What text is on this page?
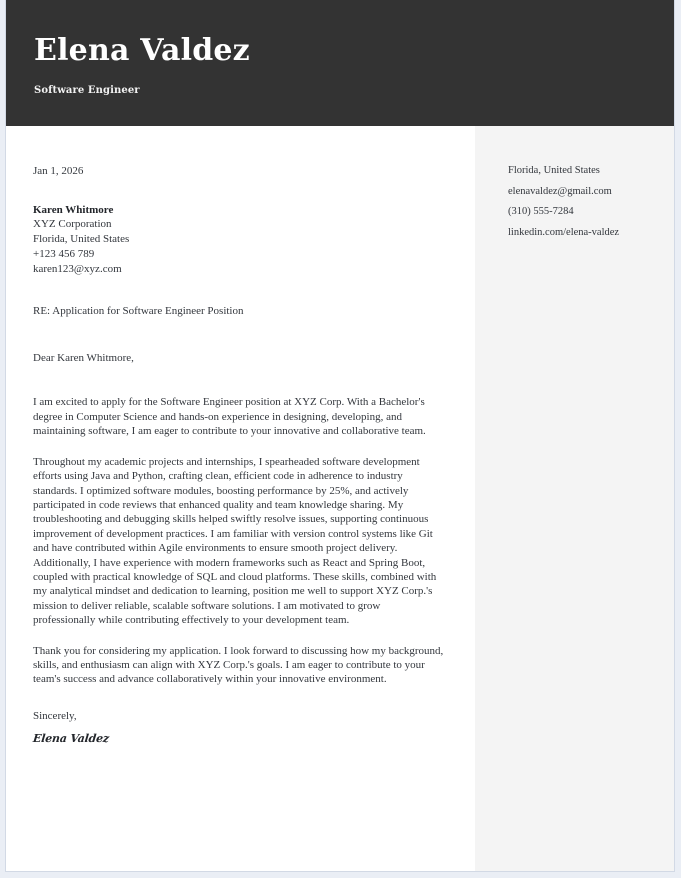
Elena Valdez
Software Engineer
Jan 1, 2026
Karen Whitmore
XYZ Corporation
Florida, United States
+123 456 789
karen123@xyz.com
RE: Application for Software Engineer Position
Dear Karen Whitmore,

I am excited to apply for the Software Engineer position at XYZ Corp. With a Bachelor's degree in Computer Science and hands-on experience in designing, developing, and maintaining software, I am eager to contribute to your innovative and collaborative team.

Throughout my academic projects and internships, I spearheaded software development efforts using Java and Python, crafting clean, efficient code in adherence to industry standards. I optimized software modules, boosting performance by 25%, and actively participated in code reviews that enhanced quality and team knowledge sharing. My troubleshooting and debugging skills helped swiftly resolve issues, supporting continuous improvement of development practices. I am familiar with version control systems like Git and have contributed within Agile environments to ensure smooth project delivery. Additionally, I have experience with modern frameworks such as React and Spring Boot, coupled with practical knowledge of SQL and cloud platforms. These skills, combined with my analytical mindset and dedication to learning, position me well to support XYZ Corp.'s mission to deliver reliable, scalable software solutions. I am motivated to grow professionally while contributing effectively to your development team.

Thank you for considering my application. I look forward to discussing how my background, skills, and enthusiasm can align with XYZ Corp.'s goals. I am eager to contribute to your team's success and advance collaboratively within your innovative environment.

Sincerely,
Elena Valdez
Florida, United States
elenavaldez@gmail.com
(310) 555-7284
linkedin.com/elena-valdez
